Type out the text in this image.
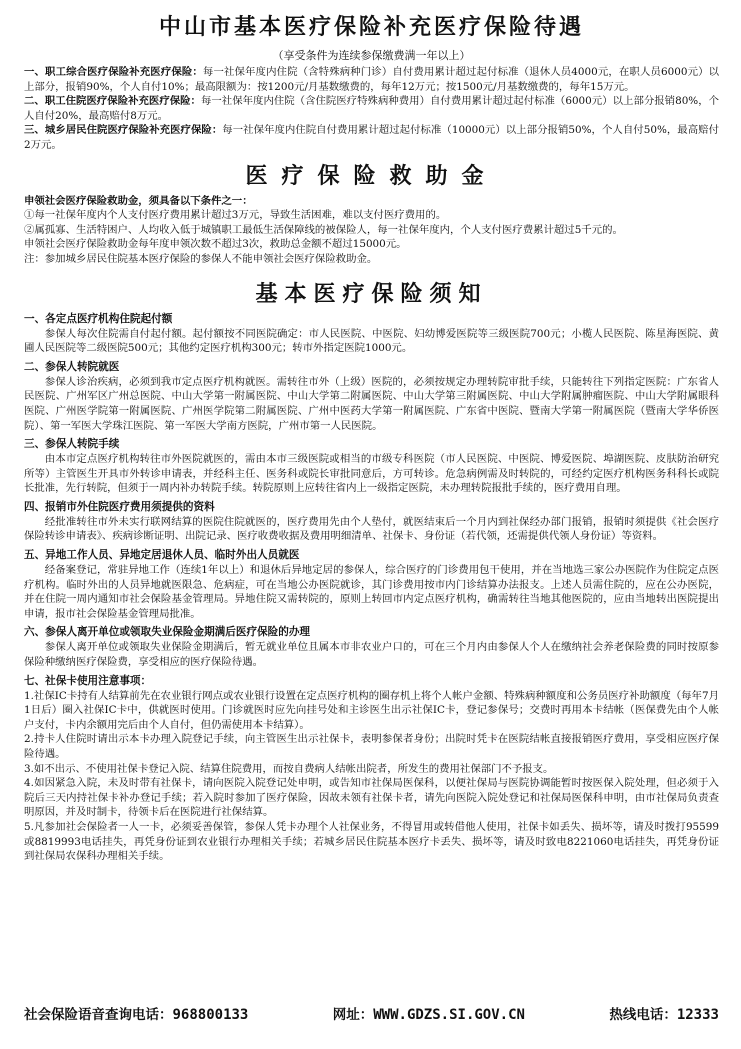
中山市基本医疗保险补充医疗保险待遇
（享受条件为连续参保缴费满一年以上）

一、职工综合医疗保险补充医疗保险：每一社保年度内住院（含特殊病种门诊）自付费用累计超过起付标准（退休人员4000元，在职人员6000元）以上部分，报销90%，个人自付10%；最高限额为：按1200元/月基数缴费的，每年12万元；按1500元/月基数缴费的，每年15万元。

二、职工住院医疗保险补充医疗保险：每一社保年度内住院（含住院医疗特殊病种费用）自付费用累计超过起付标准（6000元）以上部分报销80%，个人自付20%，最高赔付8万元。

三、城乡居民住院医疗保险补充医疗保险：每一社保年度内住院自付费用累计超过起付标准（10000元）以上部分报销50%，个人自付50%，最高赔付2万元。

医疗保险救助金

申领社会医疗保险救助金，须具备以下条件之一：

①每一社保年度内个人支付医疗费用累计超过3万元，导致生活困难，难以支付医疗费用的。

②属孤寡、生活特困户、人均收入低于城镇职工最低生活保障线的被保险人，每一社保年度内，个人支付医疗费累计超过5千元的。

申领社会医疗保险救助金每年度申领次数不超过3次，救助总金额不超过15000元。

注：参加城乡居民住院基本医疗保险的参保人不能申领社会医疗保险救助金。

基本医疗保险须知
一、各定点医疗机构住院起付额

参保人每次住院需自付起付额。起付额按不同医院确定：市人民医院、中医院、妇幼博爱医院等三级医院700元；小榄人民医院、陈星海医院、黄圃人民医院等二级医院500元；其他约定医疗机构300元；转市外指定医院1000元。

二、参保人转院就医

参保人诊治疾病，必须到我市定点医疗机构就医。需转往市外（上级）医院的，必须按规定办理转院审批手续，只能转往下列指定医院：广东省人民医院、广州军区广州总医院、中山大学第一附属医院、中山大学第二附属医院、中山大学第三附属医院、中山大学附属肿瘤医院、中山大学附属眼科医院、广州医学院第一附属医院、广州医学院第二附属医院、广州中医药大学第一附属医院、广东省中医院、暨南大学第一附属医院（暨南大学华侨医院）、第一军医大学珠江医院、第一军医大学南方医院，广州市第一人民医院。

三、参保人转院手续

由本市定点医疗机构转往市外医院就医的，需由本市三级医院或相当的市级专科医院（市人民医院、中医院、博爱医院、埠湖医院、皮肤防治研究所等）主管医生开具市外转诊申请表，并经科主任、医务科或院长审批同意后，方可转诊。危急病例需及时转院的，可经约定医疗机构医务科科长或院长批准，先行转院，但须于一周内补办转院手续。转院原则上应转往省内上一级指定医院，未办理转院报批手续的，医疗费用自理。

四、报销市外住院医疗费用须提供的资料

经批准转往市外未实行联网结算的医院住院就医的，医疗费用先由个人垫付，就医结束后一个月内到社保经办部门报销，报销时须提供《社会医疗保险转诊申请表》、疾病诊断证明、出院记录、医疗收费收据及费用明细清单、社保卡、身份证（若代领，还需提供代领人身份证）等资料。

五、异地工作人员、异地定居退休人员、临时外出人员就医

经备案登记，常驻异地工作（连续1年以上）和退休后异地定居的参保人，综合医疗的门诊费用包干使用，并在当地选三家公办医院作为住院定点医疗机构。临时外出的人员异地就医限急、危病症，可在当地公办医院就诊，其门诊费用按市内门诊结算办法报支。上述人员需住院的，应在公办医院，并在住院一周内通知市社会保险基金管理局。异地住院又需转院的，原则上转回市内定点医疗机构，确需转往当地其他医院的，应由当地转出医院提出申请，报市社会保险基金管理局批准。

六、参保人离开单位或领取失业保险金期满后医疗保险的办理

参保人离开单位或领取失业保险金期满后，暂无就业单位且属本市非农业户口的，可在三个月内由参保人个人在缴纳社会养老保险费的同时按原参保险种缴纳医疗保险费，享受相应的医疗保险待遇。

七、社保卡使用注意事项：

1.社保IC卡持有人结算前先在农业银行网点或农业银行设置在定点医疗机构的圈存机上将个人帐户金额、特殊病种额度和公务员医疗补助额度（每年7月1日后）圈入社保IC卡中，供就医时使用。门诊就医时应先向挂号处和主诊医生出示社保IC卡，登记参保号；交费时再用本卡结帐（医保费先由个人帐户支付，卡内余额用完后由个人自付，但仍需使用本卡结算）。

2.持卡人住院时请出示本卡办理入院登记手续，向主管医生出示社保卡，表明参保者身份；出院时凭卡在医院结帐直接报销医疗费用，享受相应医疗保险待遇。

3.如不出示、不使用社保卡登记入院、结算住院费用，而按自费病人结帐出院者，所发生的费用社保部门不予报支。

4.如因紧急入院，未及时带有社保卡，请向医院入院登记处申明，或告知市社保局医保科，以便社保局与医院协调能暂时按医保入院处理，但必须于入院后三天内持社保卡补办登记手续；若入院时参加了医疗保险，因故未领有社保卡者，请先向医院入院处登记和社保局医保科申明，由市社保局负责查明原因，并及时制卡，待领卡后在医院进行社保结算。

5.凡参加社会保险者一人一卡，必须妥善保管，参保人凭卡办理个人社保业务，不得冒用或转借他人使用，社保卡如丢失、损坏等，请及时拨打95599或8819993电话挂失，再凭身份证到农业银行办理相关手续；若城乡居民住院基本医疗卡丢失、损坏等，请及时致电8221060电话挂失，再凭身份证到社保局农保科办理相关手续。

社会保险语音查询电话：968800133	网址：WWW.GDZS.SI.GOV.CN	热线电话：12333
